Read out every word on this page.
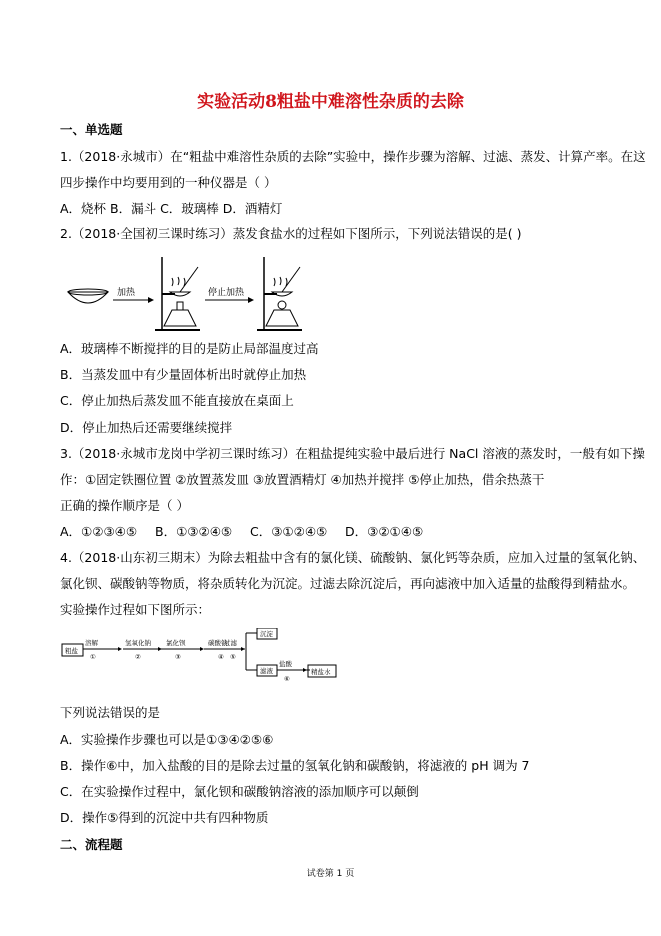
实验活动8粗盐中难溶性杂质的去除
一、单选题
1.（2018·永城市）在“粗盐中难溶性杂质的去除”实验中，操作步骤为溶解、过滤、蒸发、计算产率。在这
四步操作中均要用到的一种仪器是（ ）
A．烧杯 B．漏斗 C．玻璃棒 D．酒精灯
2.（2018·全国初三课时练习）蒸发食盐水的过程如下图所示，下列说法错误的是( )
加热	停止加热
A．玻璃棒不断搅拌的目的是防止局部温度过高
B．当蒸发皿中有少量固体析出时就停止加热
C．停止加热后蒸发皿不能直接放在桌面上
D．停止加热后还需要继续搅拌
3.（2018·永城市龙岗中学初三课时练习）在粗盐提纯实验中最后进行 NaCl 溶液的蒸发时，一般有如下操
作：①固定铁圈位置 ②放置蒸发皿 ③放置酒精灯 ④加热并搅拌 ⑤停止加热，借余热蒸干
正确的操作顺序是（ ）
A．①②③④⑤ B．①③②④⑤ C．③①②④⑤ D．③②①④⑤
4.（2018·山东初三期末）为除去粗盐中含有的氯化镁、硫酸钠、氯化钙等杂质，应加入过量的氢氧化钠、
氯化钡、碳酸钠等物质，将杂质转化为沉淀。过滤去除沉淀后，再向滤液中加入适量的盐酸得到精盐水。
实验操作过程如下图所示：
粗盐
溶解
①
氢氧化钠
②
氯化钡
③
碳酸钠
④
过滤
⑤
沉淀
滤液
盐酸
⑥
精盐水
下列说法错误的是
A．实验操作步骤也可以是①③④②⑤⑥
B．操作⑥中，加入盐酸的目的是除去过量的氢氧化钠和碳酸钠，将滤液的 pH 调为 7
C．在实验操作过程中，氯化钡和碳酸钠溶液的添加顺序可以颠倒
D．操作⑤得到的沉淀中共有四种物质
二、流程题
试卷第 1 页
